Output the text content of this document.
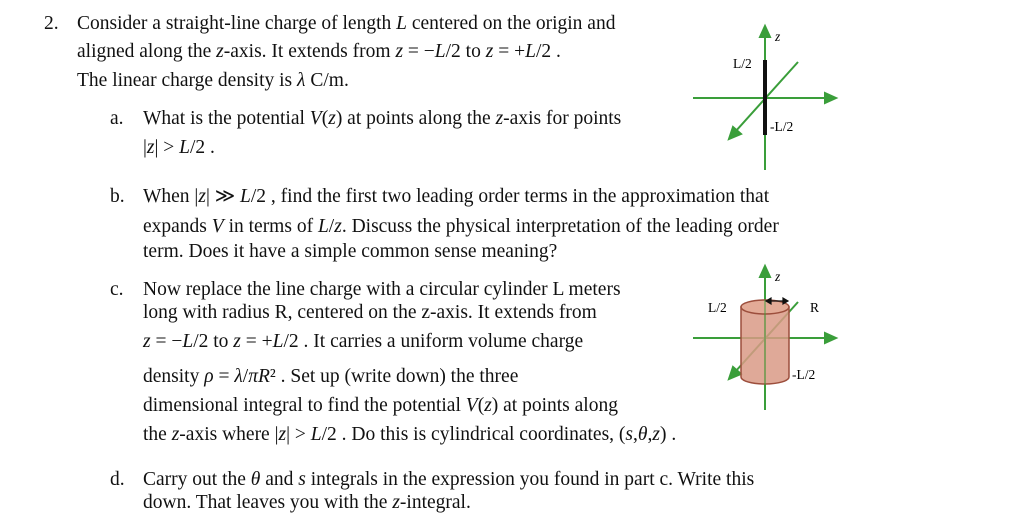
2. Consider a straight-line charge of length L centered on the origin and
aligned along the z-axis. It extends from z = −L/2 to z = +L/2 .
The linear charge density is λ C/m.
a. What is the potential V(z) at points along the z-axis for points
|z| > L/2 .
b. When |z| ≫ L/2 , find the first two leading order terms in the approximation that
expands V in terms of L/z. Discuss the physical interpretation of the leading order
term. Does it have a simple common sense meaning?
c. Now replace the line charge with a circular cylinder L meters
long with radius R, centered on the z-axis. It extends from
z = −L/2 to z = +L/2 . It carries a uniform volume charge
density ρ = λ/πR² . Set up (write down) the three
dimensional integral to find the potential V(z) at points along
the z-axis where |z| > L/2 . Do this is cylindrical coordinates, (s,θ,z) .
d. Carry out the θ and s integrals in the expression you found in part c. Write this
down. That leaves you with the z-integral.
z
L/2
-L/2
z
L/2	R
-L/2
